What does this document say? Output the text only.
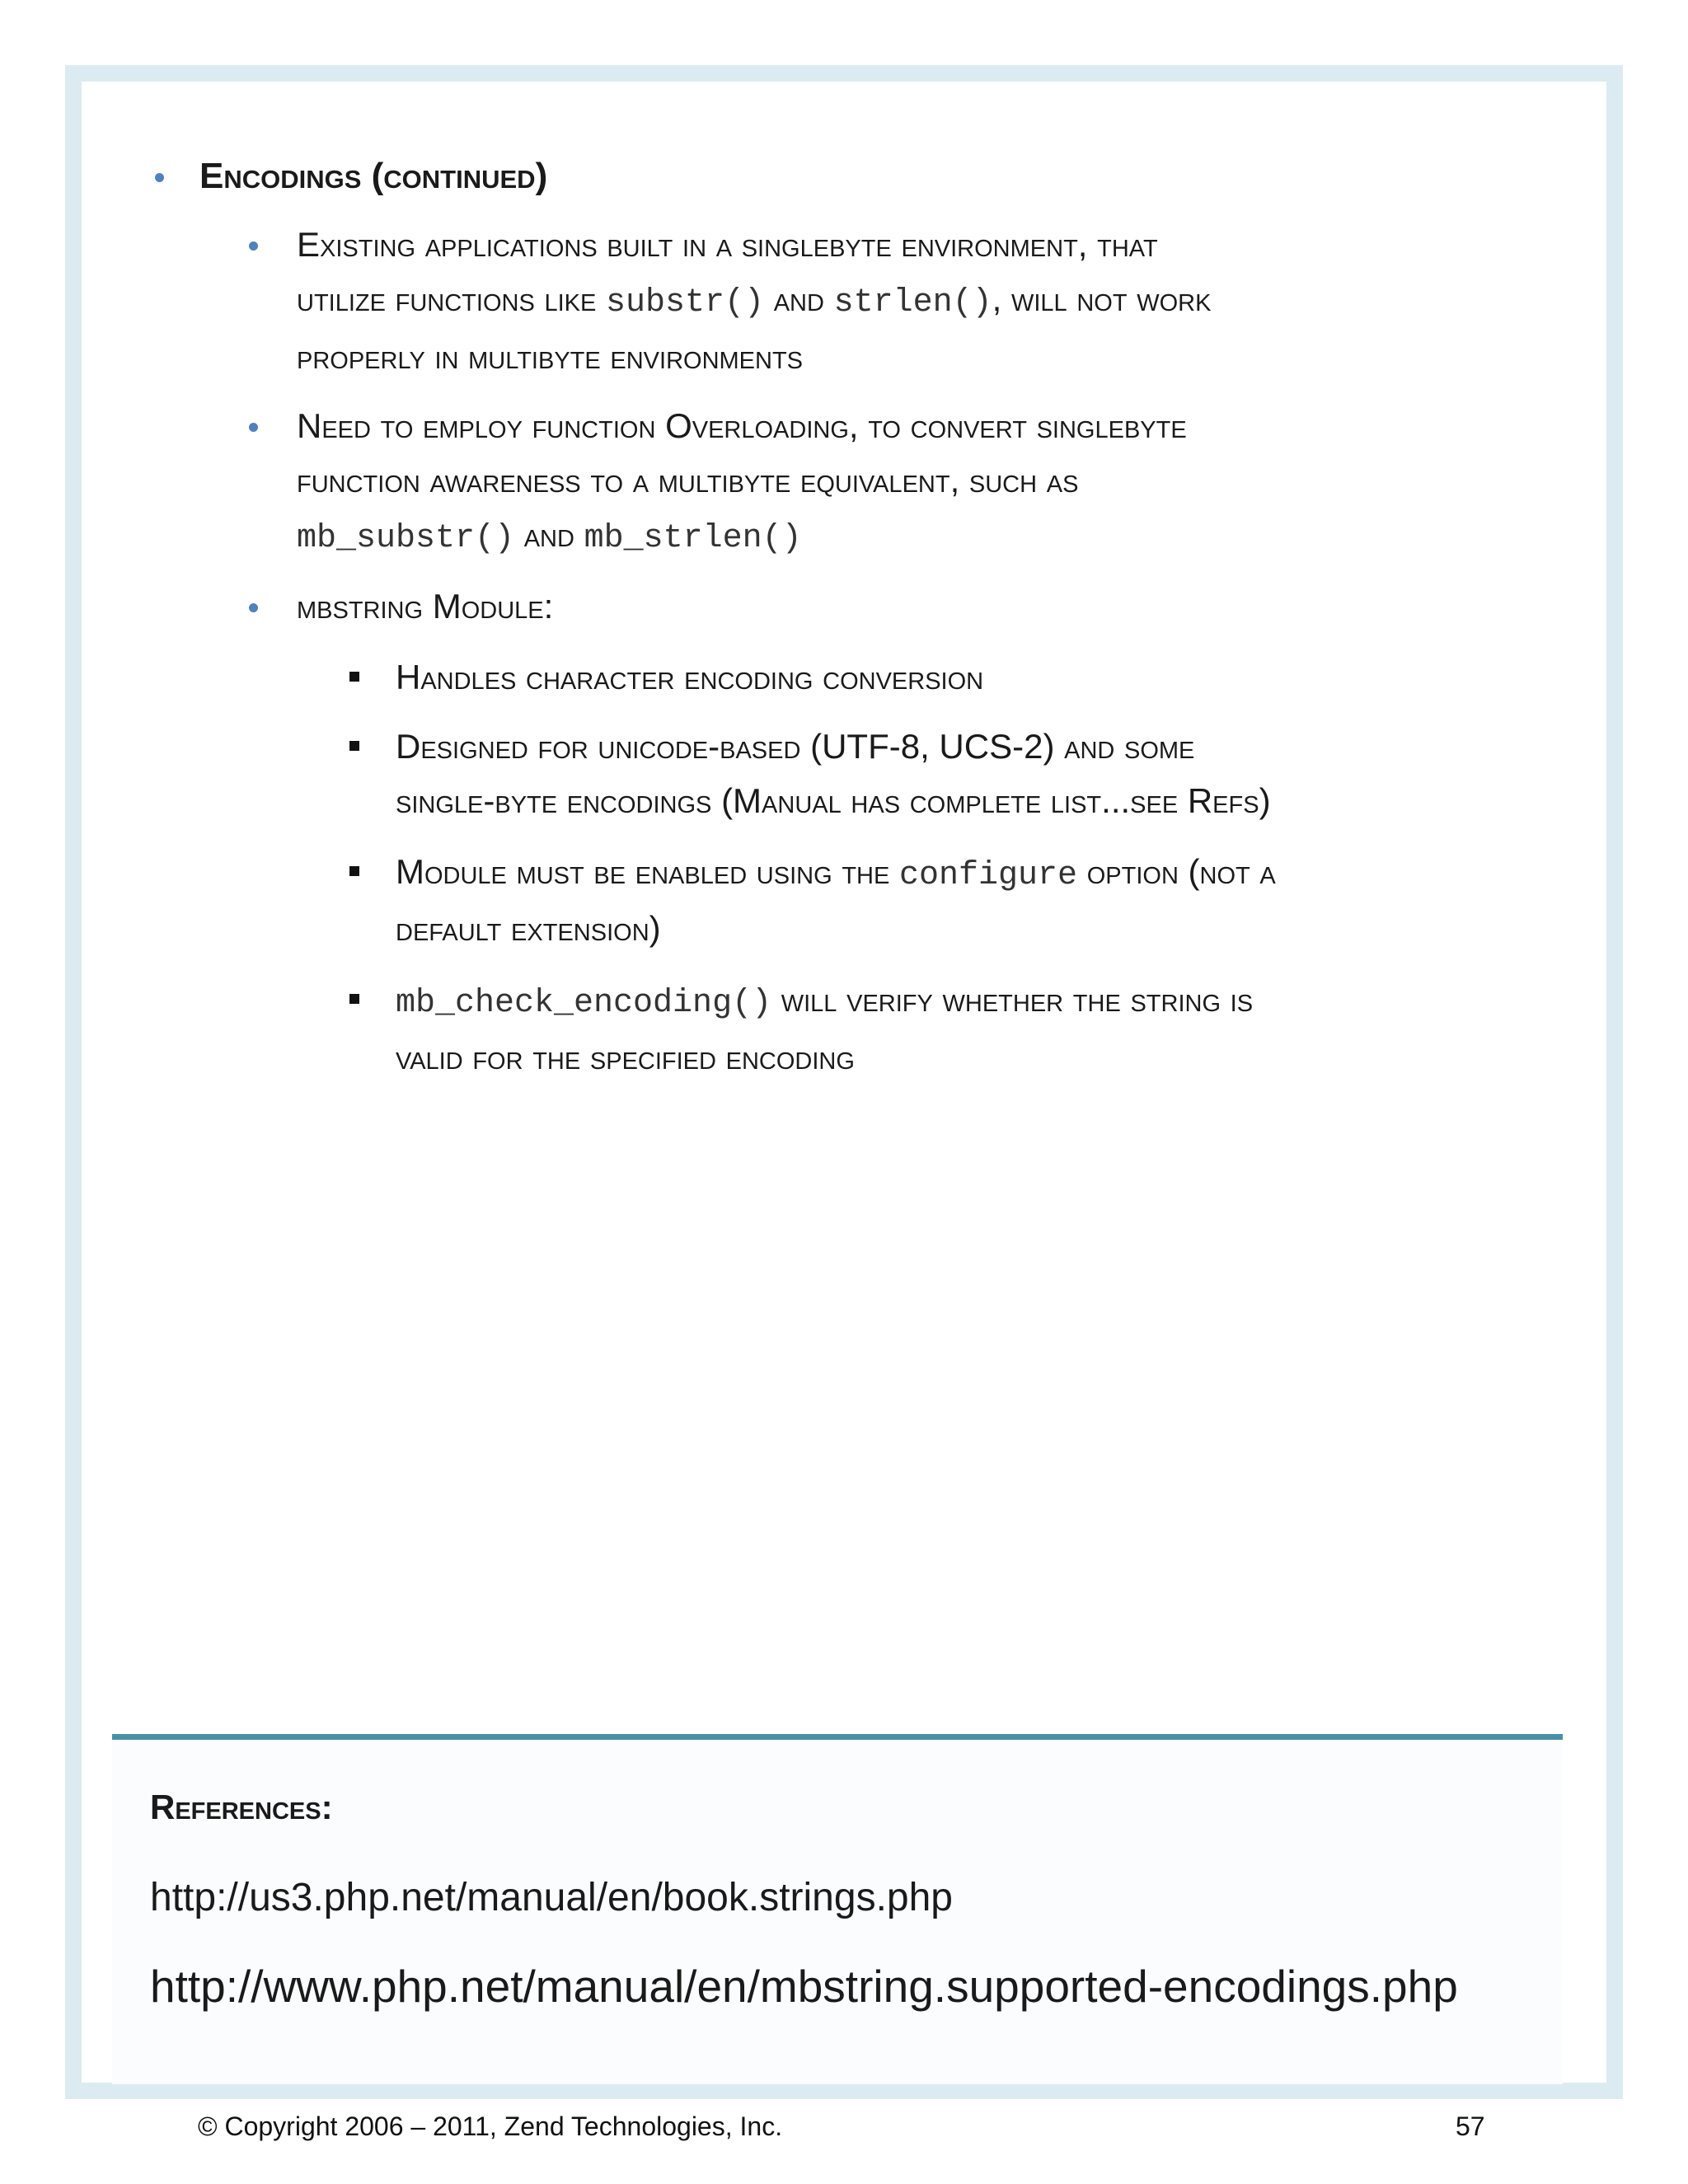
Encodings (continued)
Existing applications built in a singlebyte environment, that
utilize functions like substr() and strlen(), will not work
properly in multibyte environments
Need to employ function Overloading, to convert singlebyte
function awareness to a multibyte equivalent, such as
mb_substr() and mb_strlen()
mbstring Module:
Handles character encoding conversion
Designed for unicode-based (UTF-8, UCS-2) and some
single-byte encodings (Manual has complete list...see Refs)
Module must be enabled using the configure option (not a
default extension)
mb_check_encoding() will verify whether the string is
valid for the specified encoding
References:
http://us3.php.net/manual/en/book.strings.php
http://www.php.net/manual/en/mbstring.supported-encodings.php
© Copyright 2006 – 2011, Zend Technologies, Inc.	57
